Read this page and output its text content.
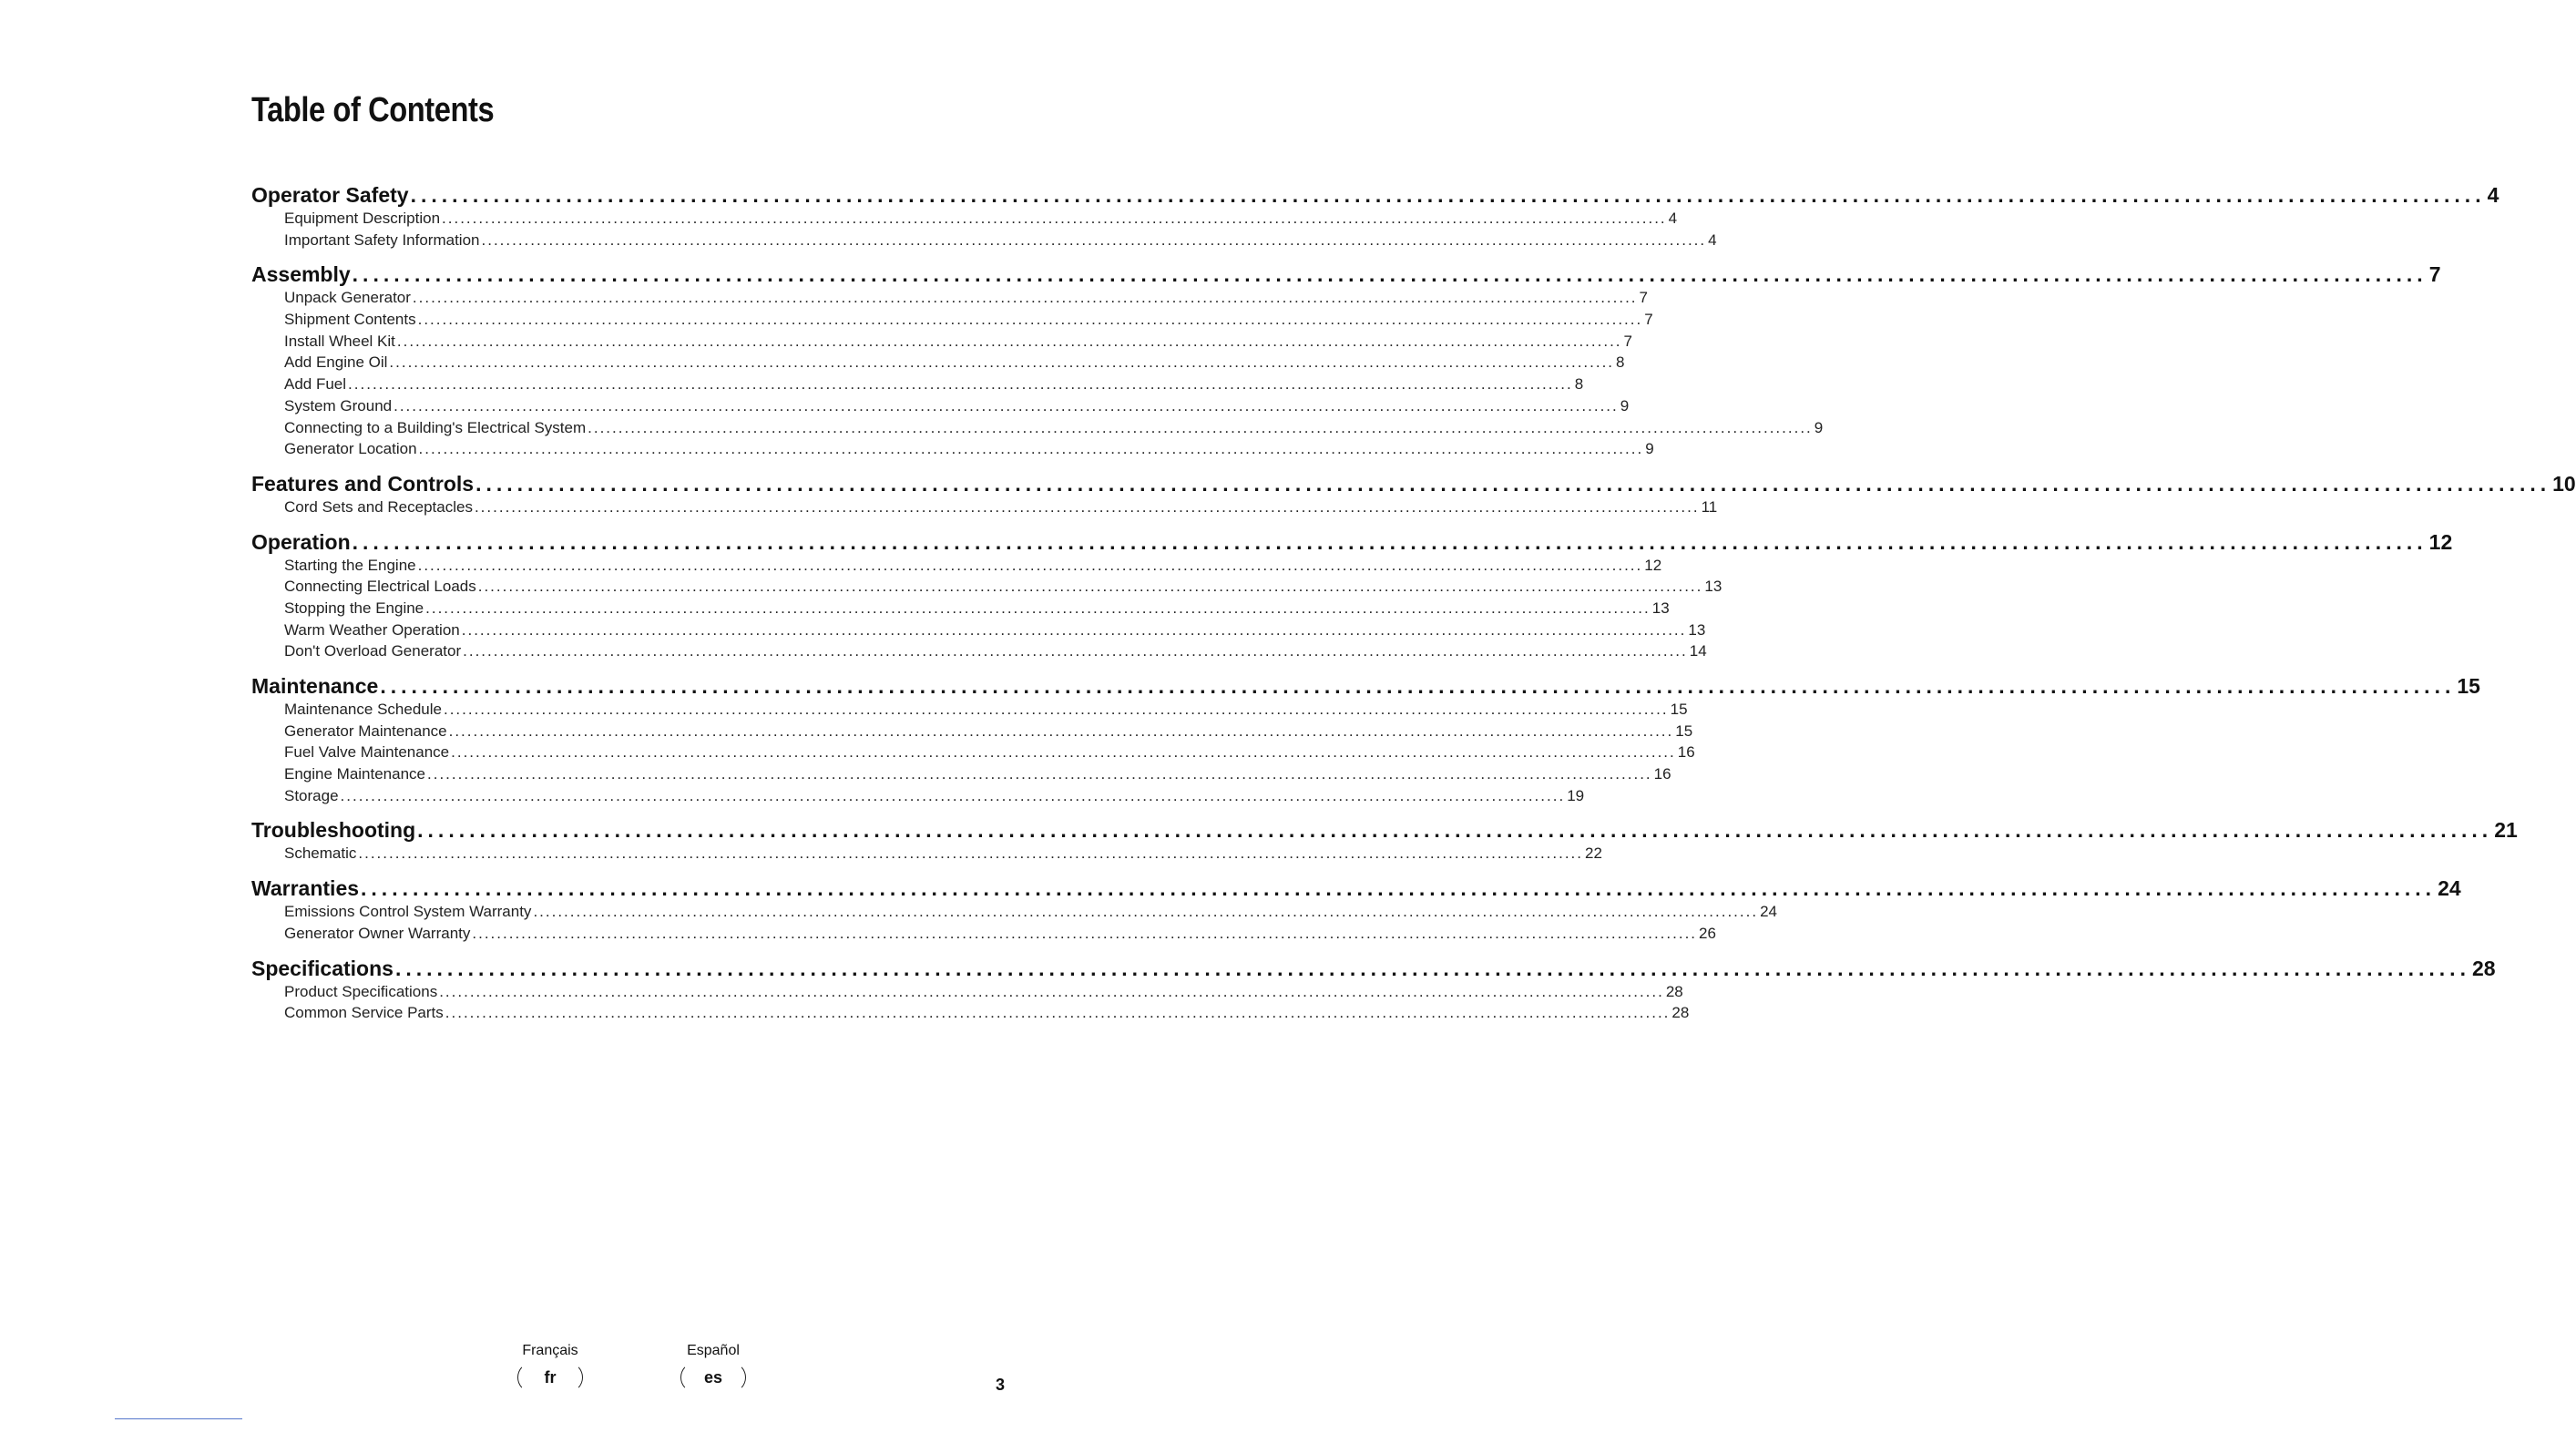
Table of Contents
Operator Safety ........................................................................................................................................................................................................ 4
Equipment Description ........................................................................................................................................................................................................ 4
Important Safety Information ........................................................................................................................................................................................................ 4
Assembly ........................................................................................................................................................................................................ 7
Unpack Generator ........................................................................................................................................................................................................ 7
Shipment Contents ........................................................................................................................................................................................................ 7
Install Wheel Kit ........................................................................................................................................................................................................ 7
Add Engine Oil ........................................................................................................................................................................................................ 8
Add Fuel ........................................................................................................................................................................................................ 8
System Ground ........................................................................................................................................................................................................ 9
Connecting to a Building's Electrical System ........................................................................................................................................................................................................ 9
Generator Location ........................................................................................................................................................................................................ 9
Features and Controls ........................................................................................................................................................................................................ 10
Cord Sets and Receptacles ........................................................................................................................................................................................................ 11
Operation ........................................................................................................................................................................................................ 12
Starting the Engine ........................................................................................................................................................................................................ 12
Connecting Electrical Loads ........................................................................................................................................................................................................ 13
Stopping the Engine ........................................................................................................................................................................................................ 13
Warm Weather Operation ........................................................................................................................................................................................................ 13
Don't Overload Generator ........................................................................................................................................................................................................ 14
Maintenance ........................................................................................................................................................................................................ 15
Maintenance Schedule ........................................................................................................................................................................................................ 15
Generator Maintenance ........................................................................................................................................................................................................ 15
Fuel Valve Maintenance ........................................................................................................................................................................................................ 16
Engine Maintenance ........................................................................................................................................................................................................ 16
Storage ........................................................................................................................................................................................................ 19
Troubleshooting ........................................................................................................................................................................................................ 21
Schematic ........................................................................................................................................................................................................ 22
Warranties ........................................................................................................................................................................................................ 24
Emissions Control System Warranty ........................................................................................................................................................................................................ 24
Generator Owner Warranty ........................................................................................................................................................................................................ 26
Specifications ........................................................................................................................................................................................................ 28
Product Specifications ........................................................................................................................................................................................................ 28
Common Service Parts ........................................................................................................................................................................................................ 28
Français
fr
Español
es	3
